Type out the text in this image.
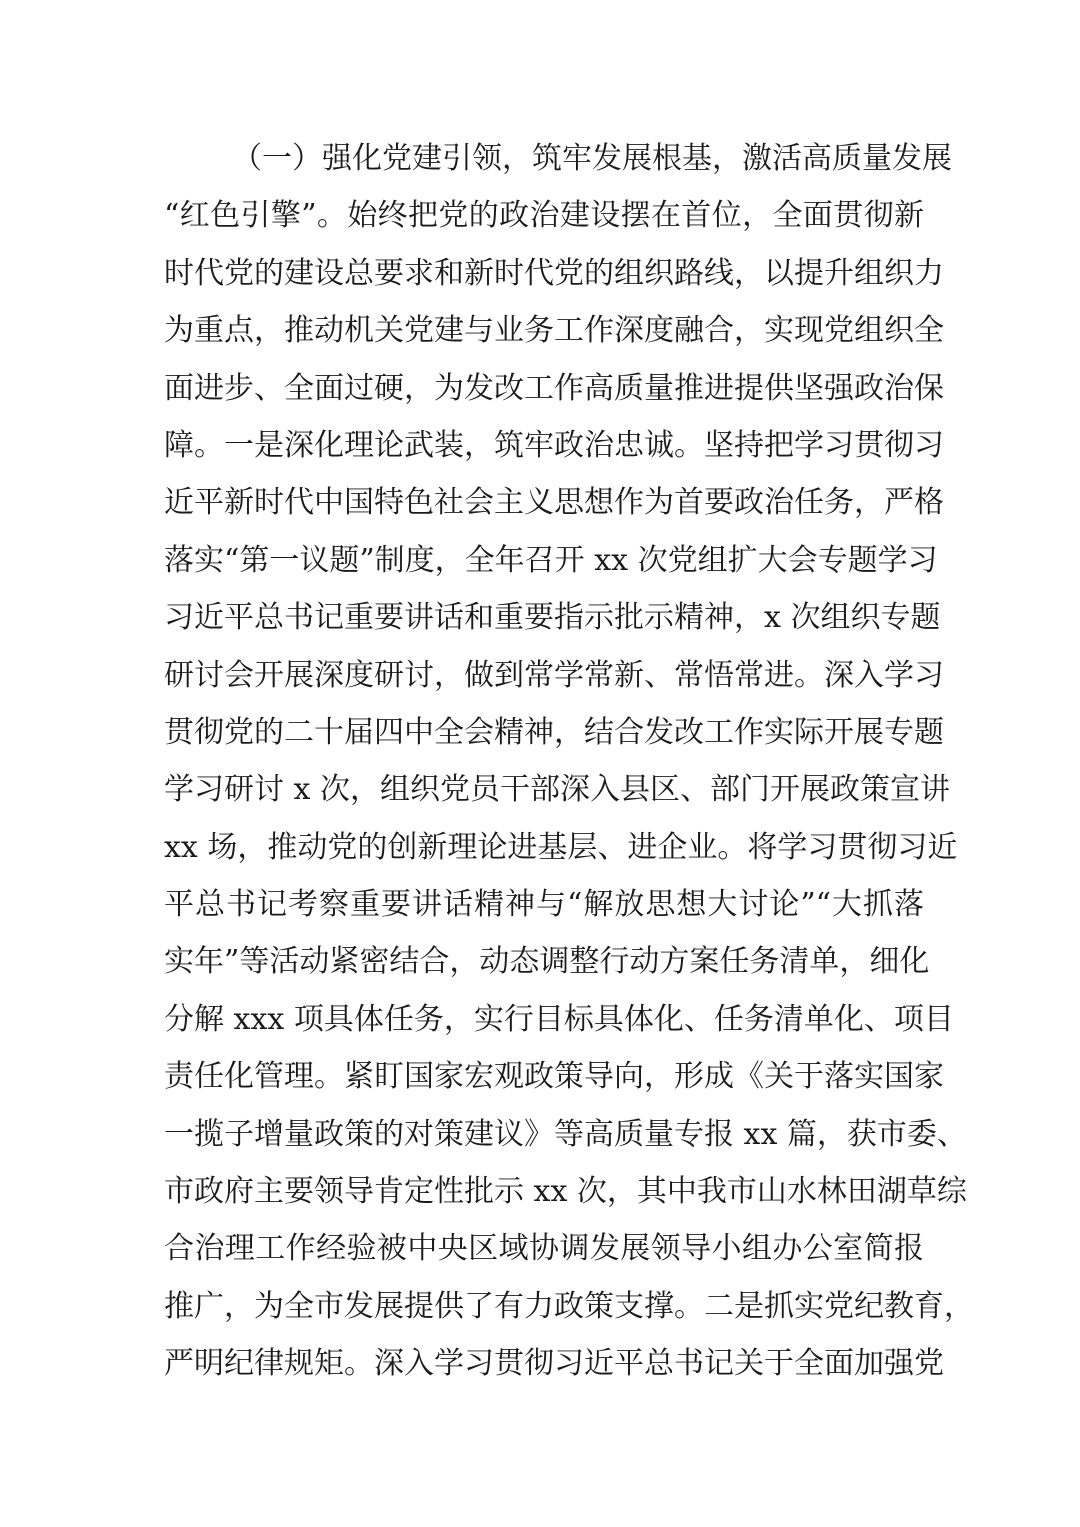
（一）强化党建引领，筑牢发展根基，激活高质量发展
“红色引擎”。始终把党的政治建设摆在首位，全面贯彻新
时代党的建设总要求和新时代党的组织路线，以提升组织力
为重点，推动机关党建与业务工作深度融合，实现党组织全
面进步、全面过硬，为发改工作高质量推进提供坚强政治保
障。一是深化理论武装，筑牢政治忠诚。坚持把学习贯彻习
近平新时代中国特色社会主义思想作为首要政治任务，严格
落实“第一议题”制度，全年召开 xx 次党组扩大会专题学习
习近平总书记重要讲话和重要指示批示精神，x 次组织专题
研讨会开展深度研讨，做到常学常新、常悟常进。深入学习
贯彻党的二十届四中全会精神，结合发改工作实际开展专题
学习研讨 x 次，组织党员干部深入县区、部门开展政策宣讲
xx 场，推动党的创新理论进基层、进企业。将学习贯彻习近
平总书记考察重要讲话精神与“解放思想大讨论”“大抓落
实年”等活动紧密结合，动态调整行动方案任务清单，细化
分解 xxx 项具体任务，实行目标具体化、任务清单化、项目
责任化管理。紧盯国家宏观政策导向，形成《关于落实国家
一揽子增量政策的对策建议》等高质量专报 xx 篇，获市委、
市政府主要领导肯定性批示 xx 次，其中我市山水林田湖草综
合治理工作经验被中央区域协调发展领导小组办公室简报
推广，为全市发展提供了有力政策支撑。二是抓实党纪教育，
严明纪律规矩。深入学习贯彻习近平总书记关于全面加强党
